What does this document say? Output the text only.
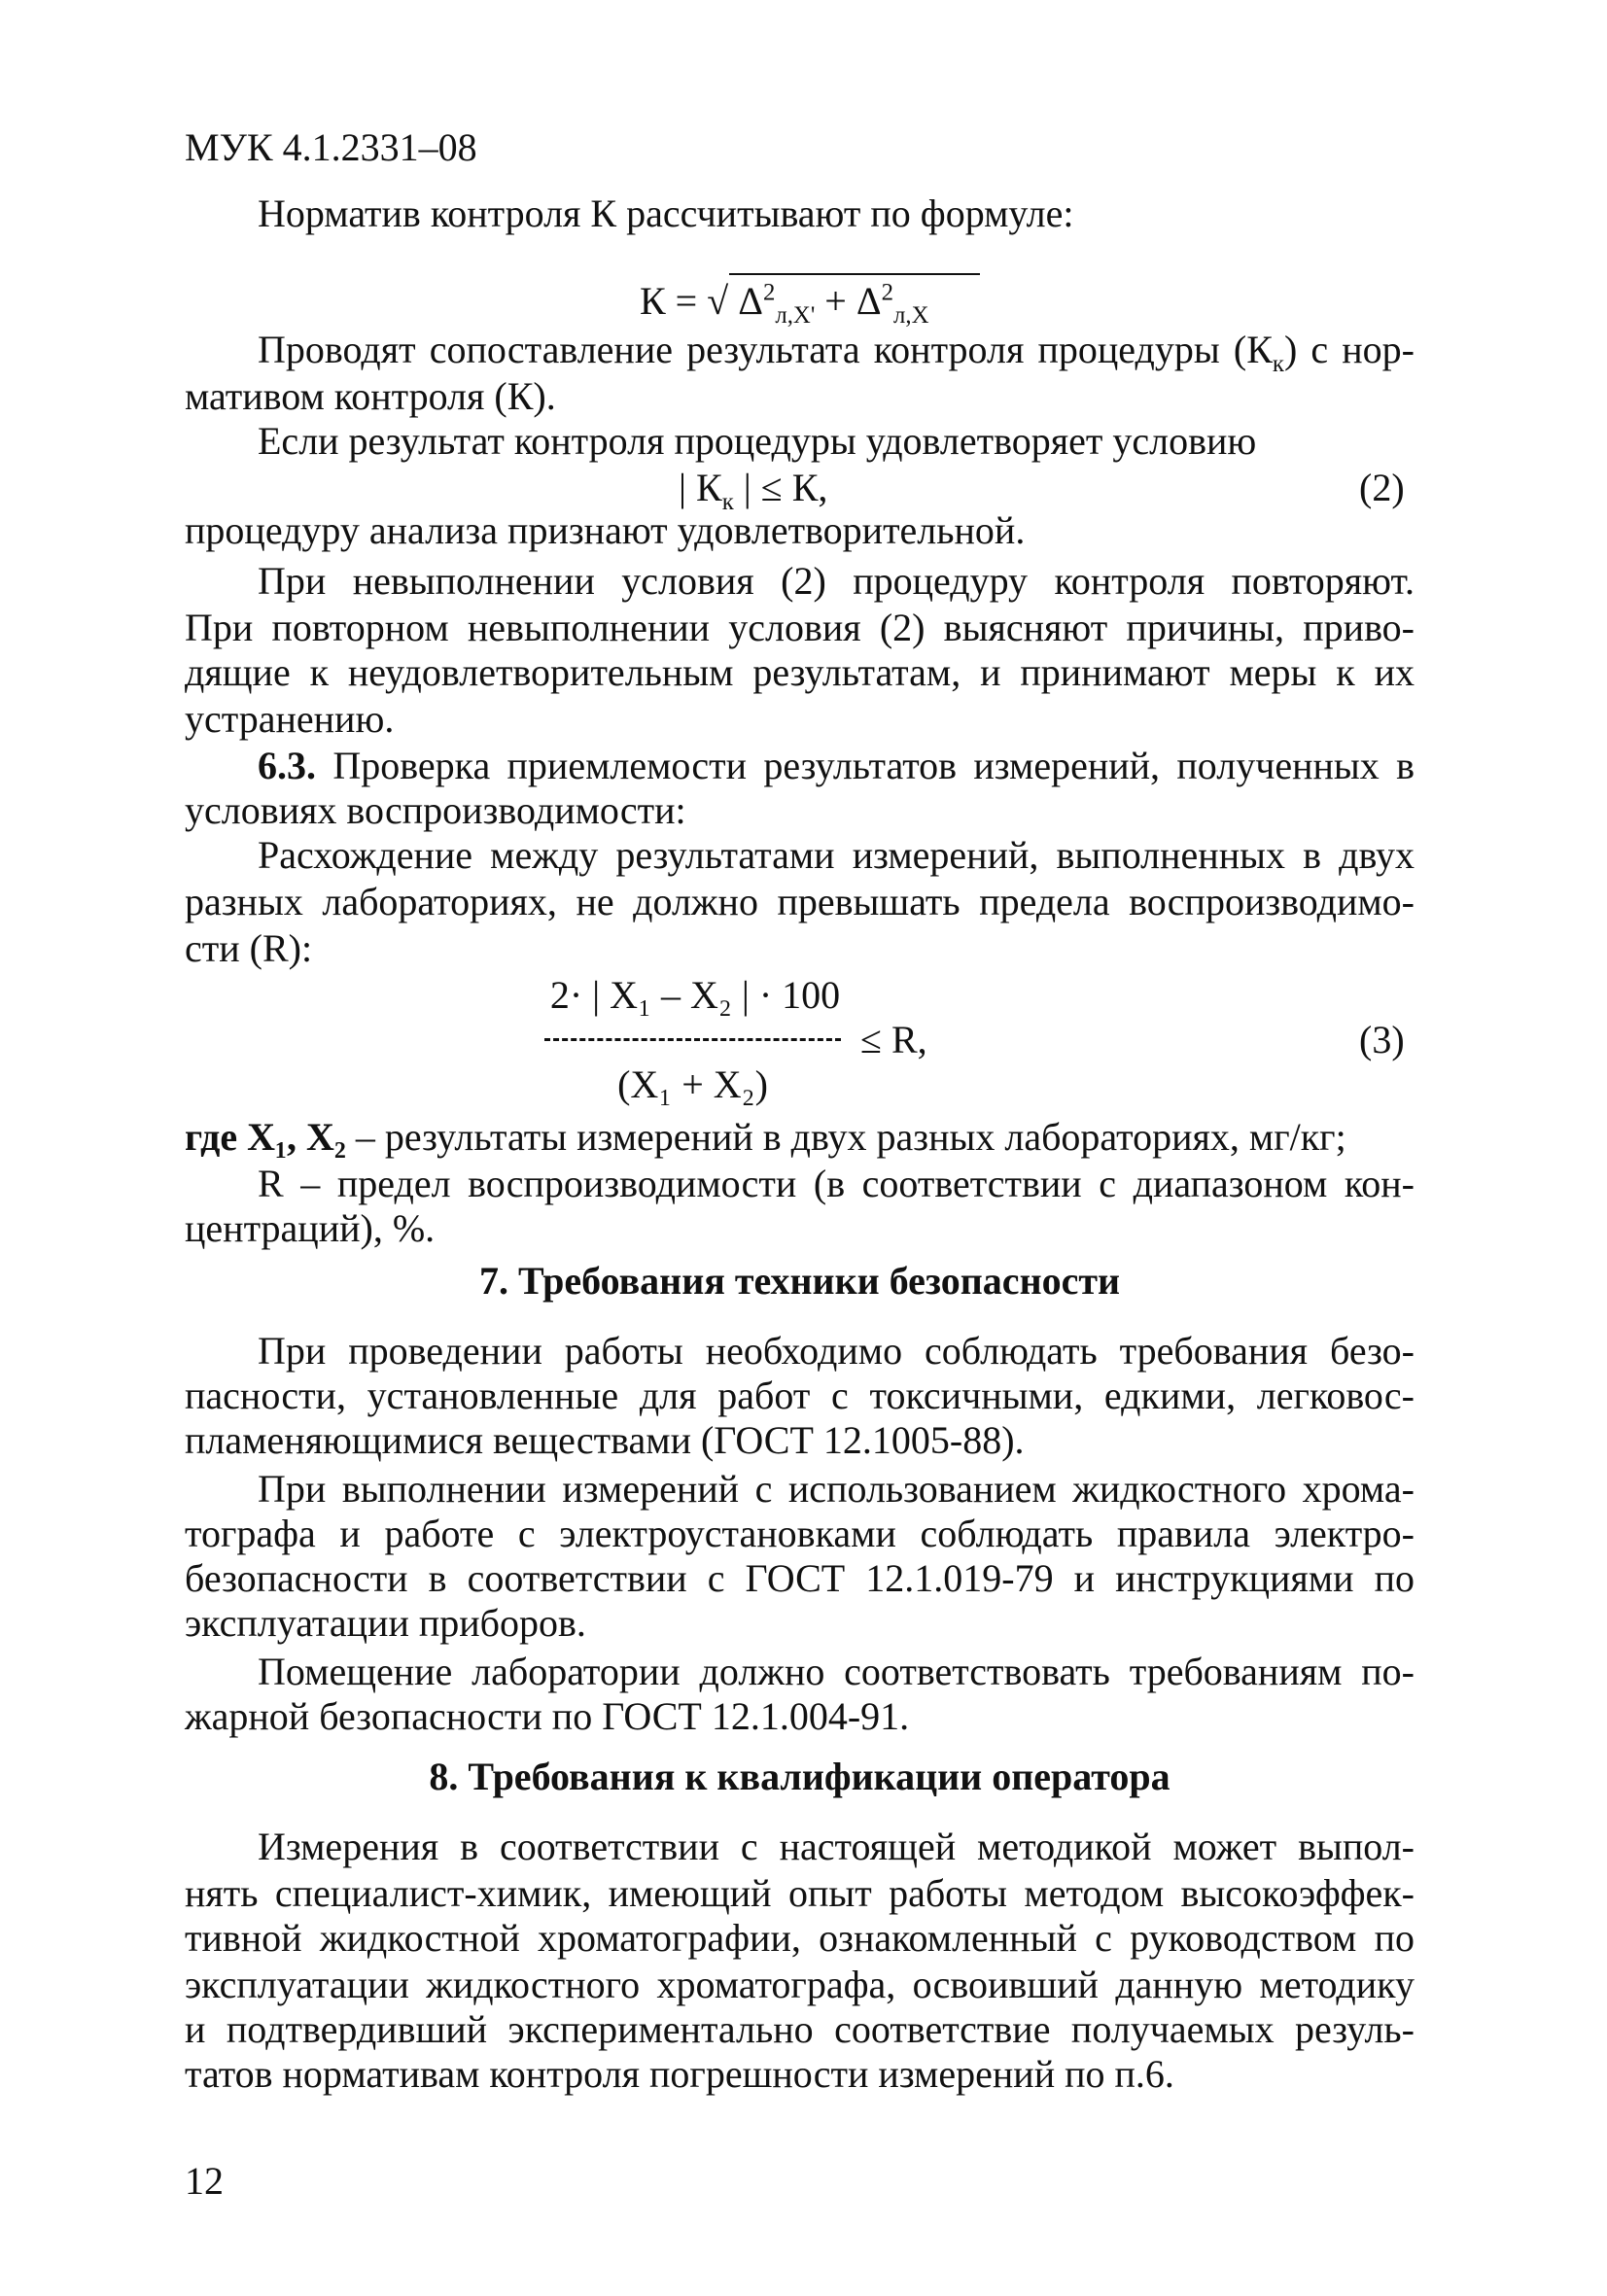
МУК 4.1.2331–08
Норматив контроля К рассчитывают по формуле:
К = √ $\Delta^2_{л,Х'} + \Delta^2_{л,Х}$
Проводят сопоставление результата контроля процедуры $(К_к)$ с нор-
мативом контроля (К).
Если результат контроля процедуры удовлетворяет условию
| $К_к$ | ≤ К,	(2)
процедуру анализа признают удовлетворительной.
При невыполнении условия (2) процедуру контроля повторяют.
При повторном невыполнении условия (2) выясняют причины, приво-
дящие к неудовлетворительным результатам, и принимают меры к их
устранению.
6.3. Проверка приемлемости результатов измерений, полученных в
условиях воспроизводимости:
Расхождение между результатами измерений, выполненных в двух
разных лабораториях, не должно превышать предела воспроизводимо-
сти (R):
2· | Х₁ – Х₂ | · 100
≤ R,	(3)
(Х₁ + Х₂)
где Х₁, Х₂ – результаты измерений в двух разных лабораториях, мг/кг;
R – предел воспроизводимости (в соответствии с диапазоном кон-
центраций), %.
7. Требования техники безопасности
При проведении работы необходимо соблюдать требования безо-
пасности, установленные для работ с токсичными, едкими, легковос-
пламеняющимися веществами (ГОСТ 12.1005-88).
При выполнении измерений с использованием жидкостного хрома-
тографа и работе с электроустановками соблюдать правила электро-
безопасности в соответствии с ГОСТ 12.1.019-79 и инструкциями по
эксплуатации приборов.
Помещение лаборатории должно соответствовать требованиям по-
жарной безопасности по ГОСТ 12.1.004-91.
8. Требования к квалификации оператора
Измерения в соответствии с настоящей методикой может выпол-
нять специалист-химик, имеющий опыт работы методом высокоэффек-
тивной жидкостной хроматографии, ознакомленный с руководством по
эксплуатации жидкостного хроматографа, освоивший данную методику
и подтвердивший экспериментально соответствие получаемых резуль-
татов нормативам контроля погрешности измерений по п.6.
12
